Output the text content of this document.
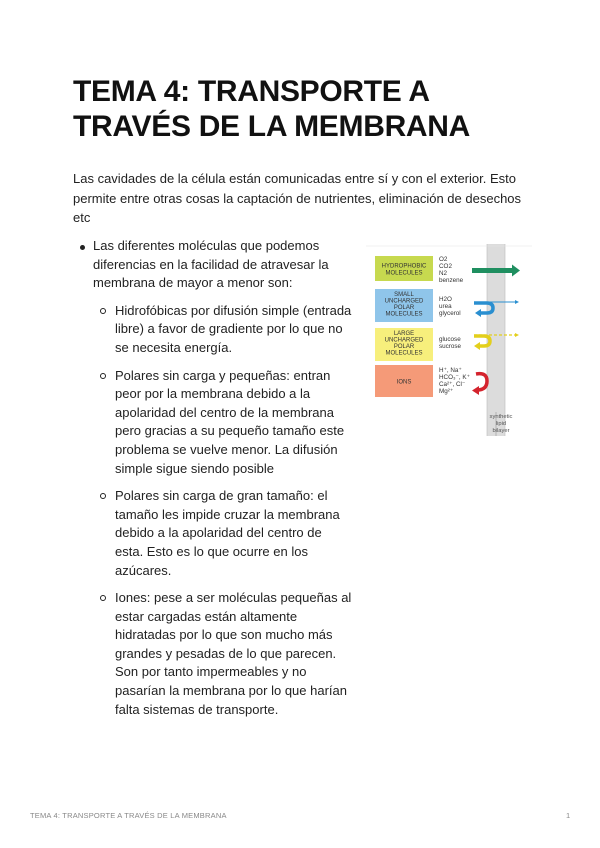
TEMA 4: TRANSPORTE A TRAVÉS DE LA MEMBRANA

Las cavidades de la célula están comunicadas entre sí y con el exterior. Esto permite entre otras cosas la captación de nutrientes, eliminación de desechos etc

Las diferentes moléculas que podemos diferencias en la facilidad de atravesar la membrana de mayor a menor son:
Hidrofóbicas por difusión simple (entrada libre) a favor de gradiente por lo que no se necesita energía.
Polares sin carga y pequeñas: entran peor por la membrana debido a la apolaridad del centro de la membrana pero gracias a su pequeño tamaño este problema se vuelve menor. La difusión simple sigue siendo posible
Polares sin carga de gran tamaño: el tamaño les impide cruzar la membrana debido a la apolaridad del centro de esta. Esto es lo que ocurre en los azúcares.
Iones: pese a ser moléculas pequeñas al estar cargadas están altamente hidratadas por lo que son mucho más grandes y pesadas de lo que parecen. Son por tanto impermeables y no pasarían la membrana por lo que harían falta sistemas de transporte.
HYDROPHOBIC
MOLECULES
SMALL
UNCHARGED
POLAR
MOLECULES
LARGE
UNCHARGED
POLAR
MOLECULES
IONS
O2
CO2
N2
benzene
H2O
urea
glycerol
glucose
sucrose
H⁺, Na⁺
HCO₃⁻, K⁺
Ca²⁺, Cl⁻
Mg²⁺
synthetic
lipid
bilayer
TEMA 4: TRANSPORTE A TRAVÉS DE LA MEMBRANA	1
